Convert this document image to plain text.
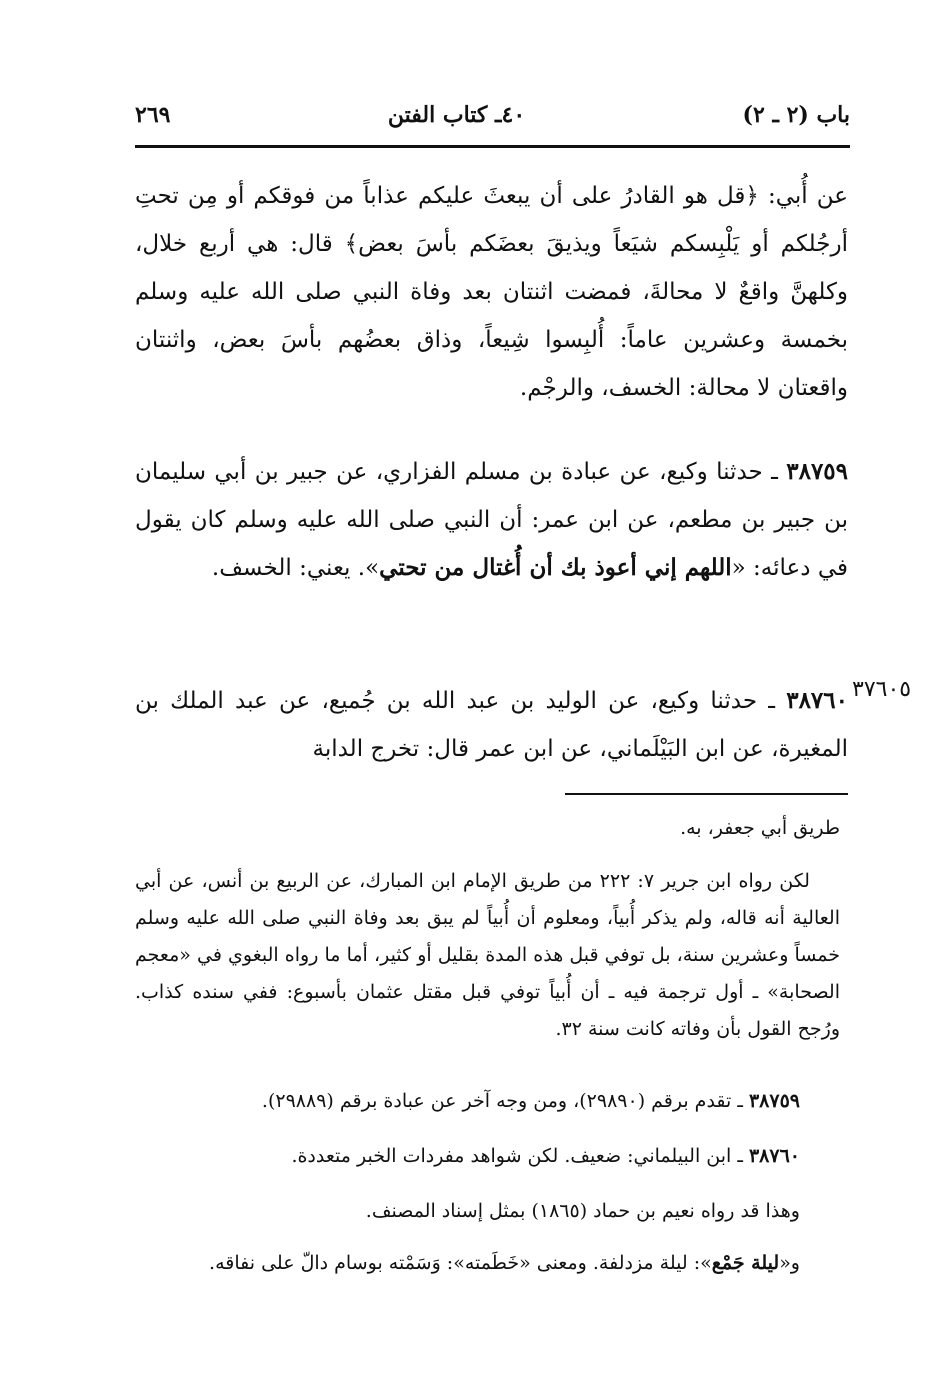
باب (٢ ـ ٢)
٤٠ـ كتاب الفتن
٢٦٩

عن أُبي: ﴿قل هو القادرُ على أن يبعثَ عليكم عذاباً من فوقكم أو مِن تحتِ أرجُلكم أو يَلْبِسكم شيَعاً ويذيقَ بعضَكم بأسَ بعض﴾ قال: هي أربع خلال، وكلهنَّ واقعٌ لا محالةَ، فمضت اثنتان بعد وفاة النبي صلى الله عليه وسلم بخمسة وعشرين عاماً: أُلبِسوا شِيعاً، وذاق بعضُهم بأسَ بعض، واثنتان واقعتان لا محالة: الخسف، والرجْم.

٣٨٧٥٩ ـ حدثنا وكيع، عن عبادة بن مسلم الفزاري، عن جبير بن أبي سليمان بن جبير بن مطعم، عن ابن عمر: أن النبي صلى الله عليه وسلم كان يقول في دعائه: «اللهم إني أعوذ بك أن أُغتال من تحتي». يعني: الخسف.

٣٧٦٠٥

٣٨٧٦٠ ـ حدثنا وكيع، عن الوليد بن عبد الله بن جُميع، عن عبد الملك بن المغيرة، عن ابن البَيْلَماني، عن ابن عمر قال: تخرج الدابة

طريق أبي جعفر، به.

لكن رواه ابن جرير ٧: ٢٢٢ من طريق الإمام ابن المبارك، عن الربيع بن أنس، عن أبي العالية أنه قاله، ولم يذكر أُبياً، ومعلوم أن أُبياً لم يبق بعد وفاة النبي صلى الله عليه وسلم خمساً وعشرين سنة، بل توفي قبل هذه المدة بقليل أو كثير، أما ما رواه البغوي في «معجم الصحابة» ـ أول ترجمة فيه ـ أن أُبياً توفي قبل مقتل عثمان بأسبوع: ففي سنده كذاب. ورُجح القول بأن وفاته كانت سنة ٣٢.

٣٨٧٥٩ ـ تقدم برقم (٢٩٨٩٠)، ومن وجه آخر عن عبادة برقم (٢٩٨٨٩).

٣٨٧٦٠ ـ ابن البيلماني: ضعيف. لكن شواهد مفردات الخبر متعددة.

وهذا قد رواه نعيم بن حماد (١٨٦٥) بمثل إسناد المصنف.

و«ليلة جَمْع»: ليلة مزدلفة. ومعنى «خَطَمته»: وَسَمْته بوسام دالّ على نفاقه.
